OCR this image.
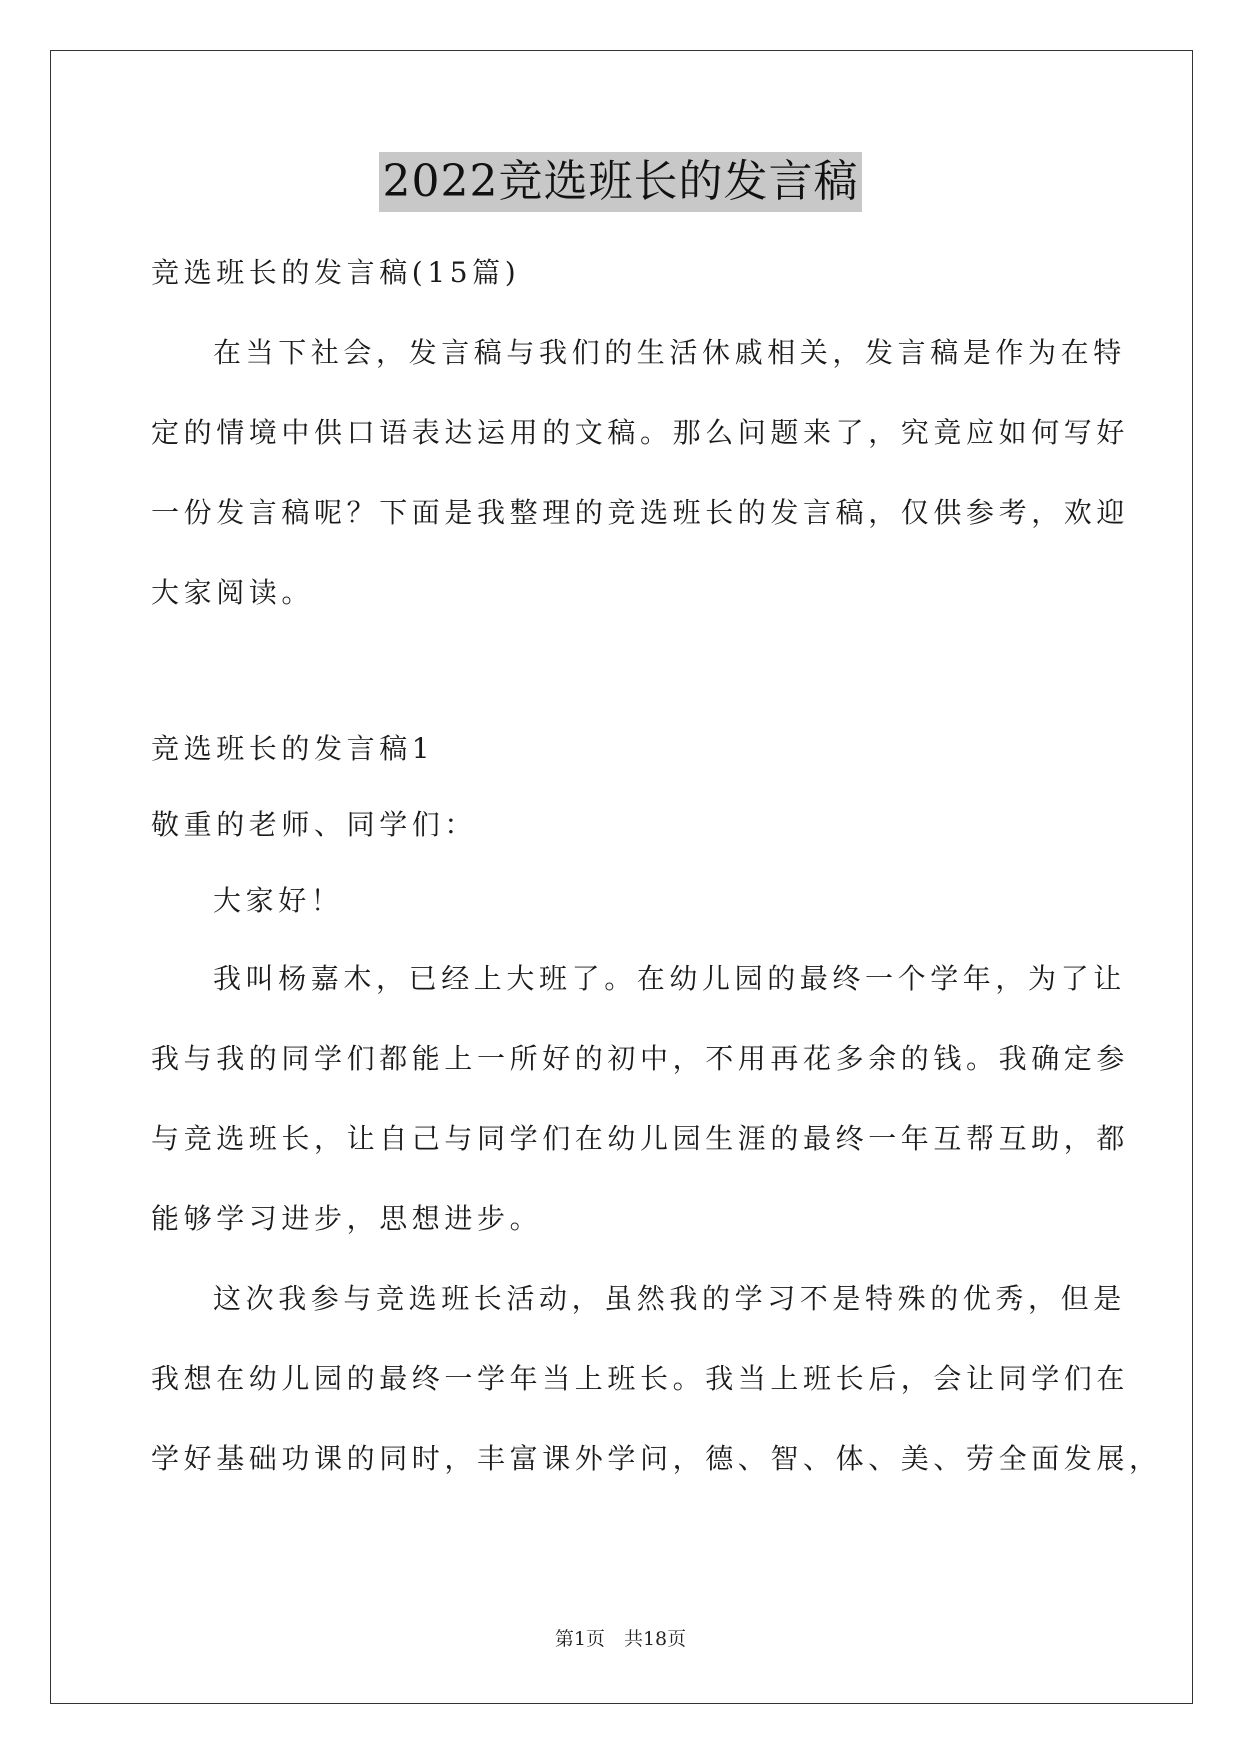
2022竞选班长的发言稿
竞选班长的发言稿(15篇)
在当下社会，发言稿与我们的生活休戚相关，发言稿是作为在特
定的情境中供口语表达运用的文稿。那么问题来了，究竟应如何写好
一份发言稿呢？下面是我整理的竞选班长的发言稿，仅供参考，欢迎
大家阅读。
竞选班长的发言稿1
敬重的老师、同学们：
大家好！
我叫杨嘉木，已经上大班了。在幼儿园的最终一个学年，为了让
我与我的同学们都能上一所好的初中，不用再花多余的钱。我确定参
与竞选班长，让自己与同学们在幼儿园生涯的最终一年互帮互助，都
能够学习进步，思想进步。
这次我参与竞选班长活动，虽然我的学习不是特殊的优秀，但是
我想在幼儿园的最终一学年当上班长。我当上班长后，会让同学们在
学好基础功课的同时，丰富课外学问，德、智、体、美、劳全面发展，
第1页　共18页
